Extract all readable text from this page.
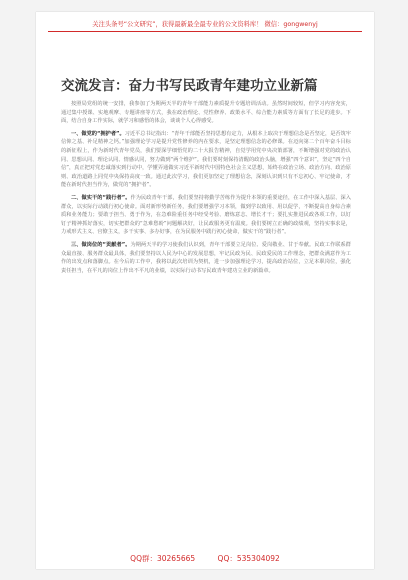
关注头条号“公文研究”，获得最新最全最专业的公文资料库！ 微信：gongwenyj
交流发言：奋力书写民政青年建功立业新篇

按照局党组的统一安排，我参加了为期两天半的青年干部能力素质提升专题培训活动。虽然时间较短，但学习内容充实，通过集中授课、实地观摩、专题讲座等方式，我在政治理论、党性修养、政策水平、综合能力素质等方面有了长足的进步。下面，结合自身工作实际，就学习和感悟的体会，谈谈个人心得感受。

一、做党的“拥护者”。习近平总书记指出：“青年干部能否坚持思想有定力，从根本上取决于理想信念是否坚定，是否筑牢信仰之基、补足精神之钙。”加强理论学习是提升党性修养的内在要求，是坚定理想信念的必修课。在迈向第二个百年奋斗目标的新征程上，作为新时代青年党员，我们要深学细悟党的二十大报告精神，自觉学用党中央决策部署，不断增强对党的政治认同、思想认同、理论认同、情感认同，努力做到“两个维护”。我们要时刻保持清醒的政治头脑，增强“四个意识”，坚定“四个自信”，真正把对党忠诚落实到行动中，学懂弄通做实习近平新时代中国特色社会主义思想，始终在政治立场、政治方向、政治原则、政治道路上同党中央保持高度一致。通过此次学习，我们更加坚定了理想信念，深刻认识到只有不忘初心、牢记使命，才能在新时代担当作为，做党的“拥护者”。

二、做实干的“践行者”。作为民政青年干部，我们要坚持将勤学苦练作为提升本领的重要途径，在工作中深入基层、深入群众，以实际行动践行初心使命。面对新形势新任务，我们要增强学习本领，做到学以致用、用以促学，不断提高自身综合素质和业务能力；要敢于担当、勇于作为，在急难险重任务中经受考验、磨炼意志、增长才干；要扎实推进民政各项工作，以钉钉子精神抓好落实，切实把群众的“急难愁盼”问题解决好，让民政服务更有温度。我们要树立正确的政绩观，坚持实事求是，力戒形式主义、官僚主义，多干实事、多办好事，在为民服务中践行初心使命，做实干的“践行者”。

三、做岗位的“贡献者”。为期两天半的学习使我们认识到，青年干部要立足岗位、爱岗敬业、甘于奉献。民政工作联系群众最直接、服务群众最具体，我们要坚持以人民为中心的发展思想，牢记民政为民、民政爱民的工作理念，把群众满意作为工作的出发点和落脚点。在今后的工作中，我将以此次培训为契机，进一步加强理论学习，提高政治站位，立足本职岗位，强化责任担当，在平凡的岗位上作出不平凡的业绩，以实际行动书写民政青年建功立业的新篇章。

QQ群：30265665	QQ：535304092
